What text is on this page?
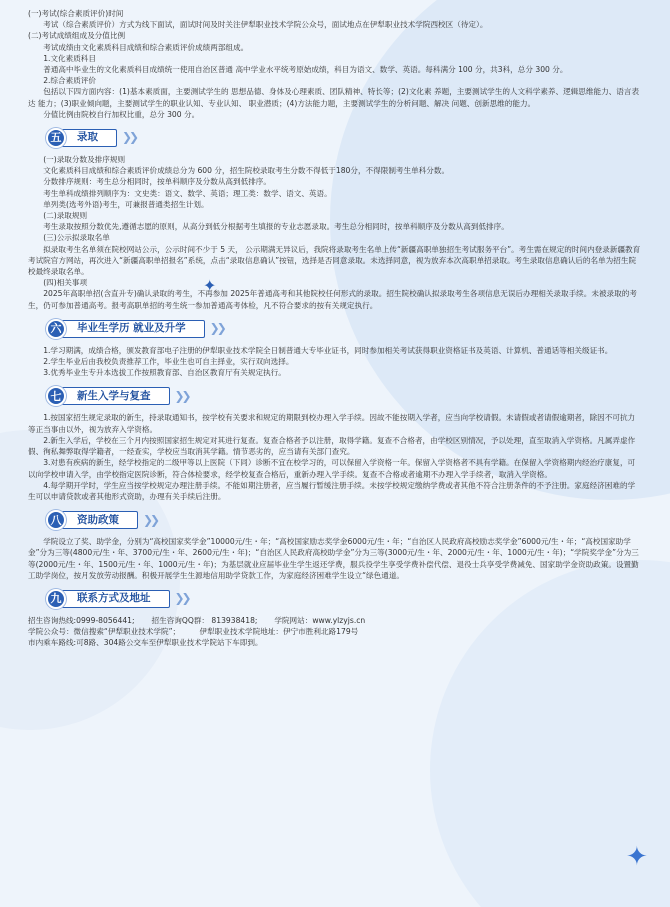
✦
✦

(一)考试(综合素质评价)时间

考试（综合素质评价）方式为线下面试，面试时间及时关注伊犁职业技术学院公众号，面试地点在伊犁职业技术学院西校区（待定）。

(二)考试成绩组成及分值比例

考试成绩由文化素质科目成绩和综合素质评价成绩两部组成。

1.文化素质科目

普通高中毕业生的文化素质科目成绩统一使用自治区普通 高中学业水平统考原始成绩，科目为语文、数学、英语。每科满分 100 分，共3科，总分 300 分。

2.综合素质评价

包括以下四方面内容：(1)基本素质面，主要测试学生的 思想品德、身体及心理素质、团队精神、特长等；(2)文化素 养题，主要测试学生的人文科学素养、逻辑思维能力、语言表达 能力；(3)职业倾向题，主要测试学生的职业认知、专业认知、 职业潜质；(4)方法能力题，主要测试学生的分析问题、解决 问题、创新思维的能力。

分值比例由院校自行加权比重，总分 300 分。

五	录取	❯❯

(一)录取分数及排序规则

文化素质科目成绩和综合素质评价成绩总分为 600 分，招生院校录取考生分数不得低于180分，不得限制考生单科分数。

分数排序规则：考生总分相同时，按单科顺序及分数从高到低排序。

考生单科成绩排列顺序为：文史类：语文、数学、英语；理工类：数学、语文、英语。

单列类(选考外语)考生，可兼报普通类招生计划。

(二)录取规则

考生录取按照分数优先,遵循志愿的原则，从高分到低分根据考生填报的专业志愿录取。考生总分相同时，按单科顺序及分数从高到低排序。

(三)公示拟录取名单

拟录取考生名单须在院校网站公示，公示时间不少于 5 天， 公示期满无异议后，我院将录取考生名单上传“新疆高职单独招生考试服务平台”。考生需在规定的时间内登录新疆教育考试院官方网站，再次进入“新疆高职单招报名”系统，点击“录取信息确认”按钮，选择是否同意录取。未选择同意，视为放弃本次高职单招录取。考生录取信息确认后的名单为招生院校最终录取名单。

(四)相关事项

2025年高职单招(含直升专)确认录取的考生，不再参加 2025年普通高考和其他院校任何形式的录取。招生院校确认拟录取考生各项信息无误后办理相关录取手续。未被录取的考生，仍可参加普通高考。报考高职单招的考生统一参加普通高考体检，凡不符合要求的按有关规定执行。

六	毕业生学历 就业及升学	❯❯

1.学习期满，成绩合格，颁发教育部电子注册的伊犁职业技术学院全日制普通大专毕业证书，同时参加相关考试获得职业资格证书及英语、计算机、普通话等相关级证书。

2.学生毕业后由我校负责推荐工作，毕业生也可自主择业，实行双向选择。

3.优秀毕业生专升本选拔工作按照教育部、自治区教育厅有关规定执行。

七	新生入学与复查	❯❯

1.按国家招生规定录取的新生，持录取通知书，按学校有关要求和规定的期限到校办理入学手续。因故不能按期入学者，应当向学校请假。未请假或者请假逾期者，除因不可抗力等正当事由以外，视为放弃入学资格。

2.新生入学后，学校在三个月内按照国家招生规定对其进行复查。复查合格者予以注册，取得学籍。复查不合格者，由学校区别情况，予以处理，直至取消入学资格。凡属弄虚作假、徇私舞弊取得学籍者，一经查实，学校应当取消其学籍。情节恶劣的，应当请有关部门查究。

3.对患有疾病的新生，经学校指定的二级甲等以上医院（下同）诊断不宜在校学习的，可以保留入学资格一年。保留入学资格者不具有学籍。在保留入学资格期内经治疗康复，可以向学校申请入学，由学校指定医院诊断，符合体检要求，经学校复查合格后，重新办理入学手续。复查不合格或者逾期不办理入学手续者，取消入学资格。

4.每学期开学时，学生应当按学校规定办理注册手续。不能如期注册者，应当履行暂缓注册手续。未按学校规定缴纳学费或者其他不符合注册条件的不予注册。家庭经济困难的学生可以申请贷款或者其他形式资助，办理有关手续后注册。

八	资助政策	❯❯

学院设立了奖、助学金，分别为“高校国家奖学金”10000元/生・年；“高校国家励志奖学金6000元/生・年；“自治区人民政府高校励志奖学金”6000元/生・年；“高校国家助学金”分为三等(4800元/生・年、3700元/生・年、2600元/生・年)；“自治区人民政府高校助学金”分为三等(3000元/生・年、2000元/生・年、1000元/生・年)；“学院奖学金”分为三等(2000元/生・年、1500元/生・年、1000元/生・年)；为基层就业应届毕业生学生返还学费，服兵役学生享受学费补偿代偿、退役士兵享受学费减免、国家助学金资助政策。设置勤工助学岗位，按月发放劳动报酬。积极开展学生生源地信用助学贷款工作，为家庭经济困难学生设立“绿色通道。

九	联系方式及地址	❯❯

招生咨询热线:0999-8056441; 招生咨询QQ群： 813938418; 学院网站：www.ylzyjs.cn

学院公众号：微信搜索“伊犁职业技术学院”；	伊犁职业技术学院地址：伊宁市胜利北路179号

市内乘车路线:可8路、304路公交车至伊犁职业技术学院站下车即到。
